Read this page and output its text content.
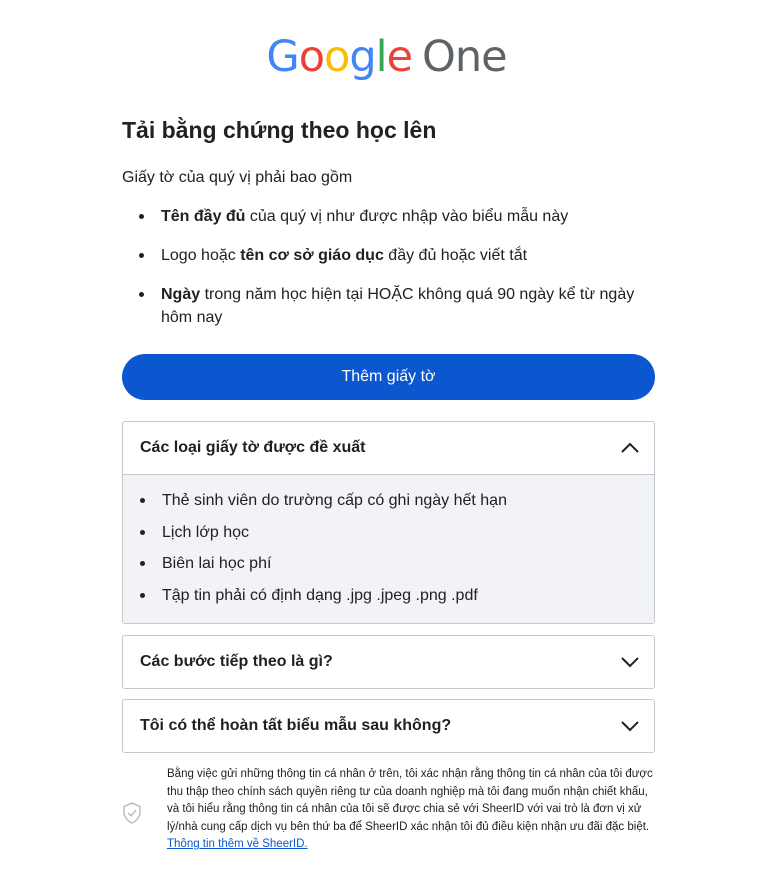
Google One
Tải bằng chứng theo học lên
Giấy tờ của quý vị phải bao gồm
Tên đầy đủ của quý vị như được nhập vào biểu mẫu này
Logo hoặc tên cơ sở giáo dục đầy đủ hoặc viết tắt
Ngày trong năm học hiện tại HOẶC không quá 90 ngày kể từ ngày hôm nay
Thêm giấy tờ
Các loại giấy tờ được đề xuất
Thẻ sinh viên do trường cấp có ghi ngày hết hạn
Lịch lớp học
Biên lai học phí
Tập tin phải có định dạng .jpg .jpeg .png .pdf
Các bước tiếp theo là gì?
Tôi có thể hoàn tất biểu mẫu sau không?
Bằng việc gửi những thông tin cá nhân ở trên, tôi xác nhận rằng thông tin cá nhân của tôi được thu thập theo chính sách quyền riêng tư của doanh nghiệp mà tôi đang muốn nhận chiết khấu, và tôi hiểu rằng thông tin cá nhân của tôi sẽ được chia sẻ với SheerID với vai trò là đơn vị xử lý/nhà cung cấp dịch vụ bên thứ ba để SheerID xác nhận tôi đủ điều kiện nhận ưu đãi đặc biệt. Thông tin thêm về SheerID.
